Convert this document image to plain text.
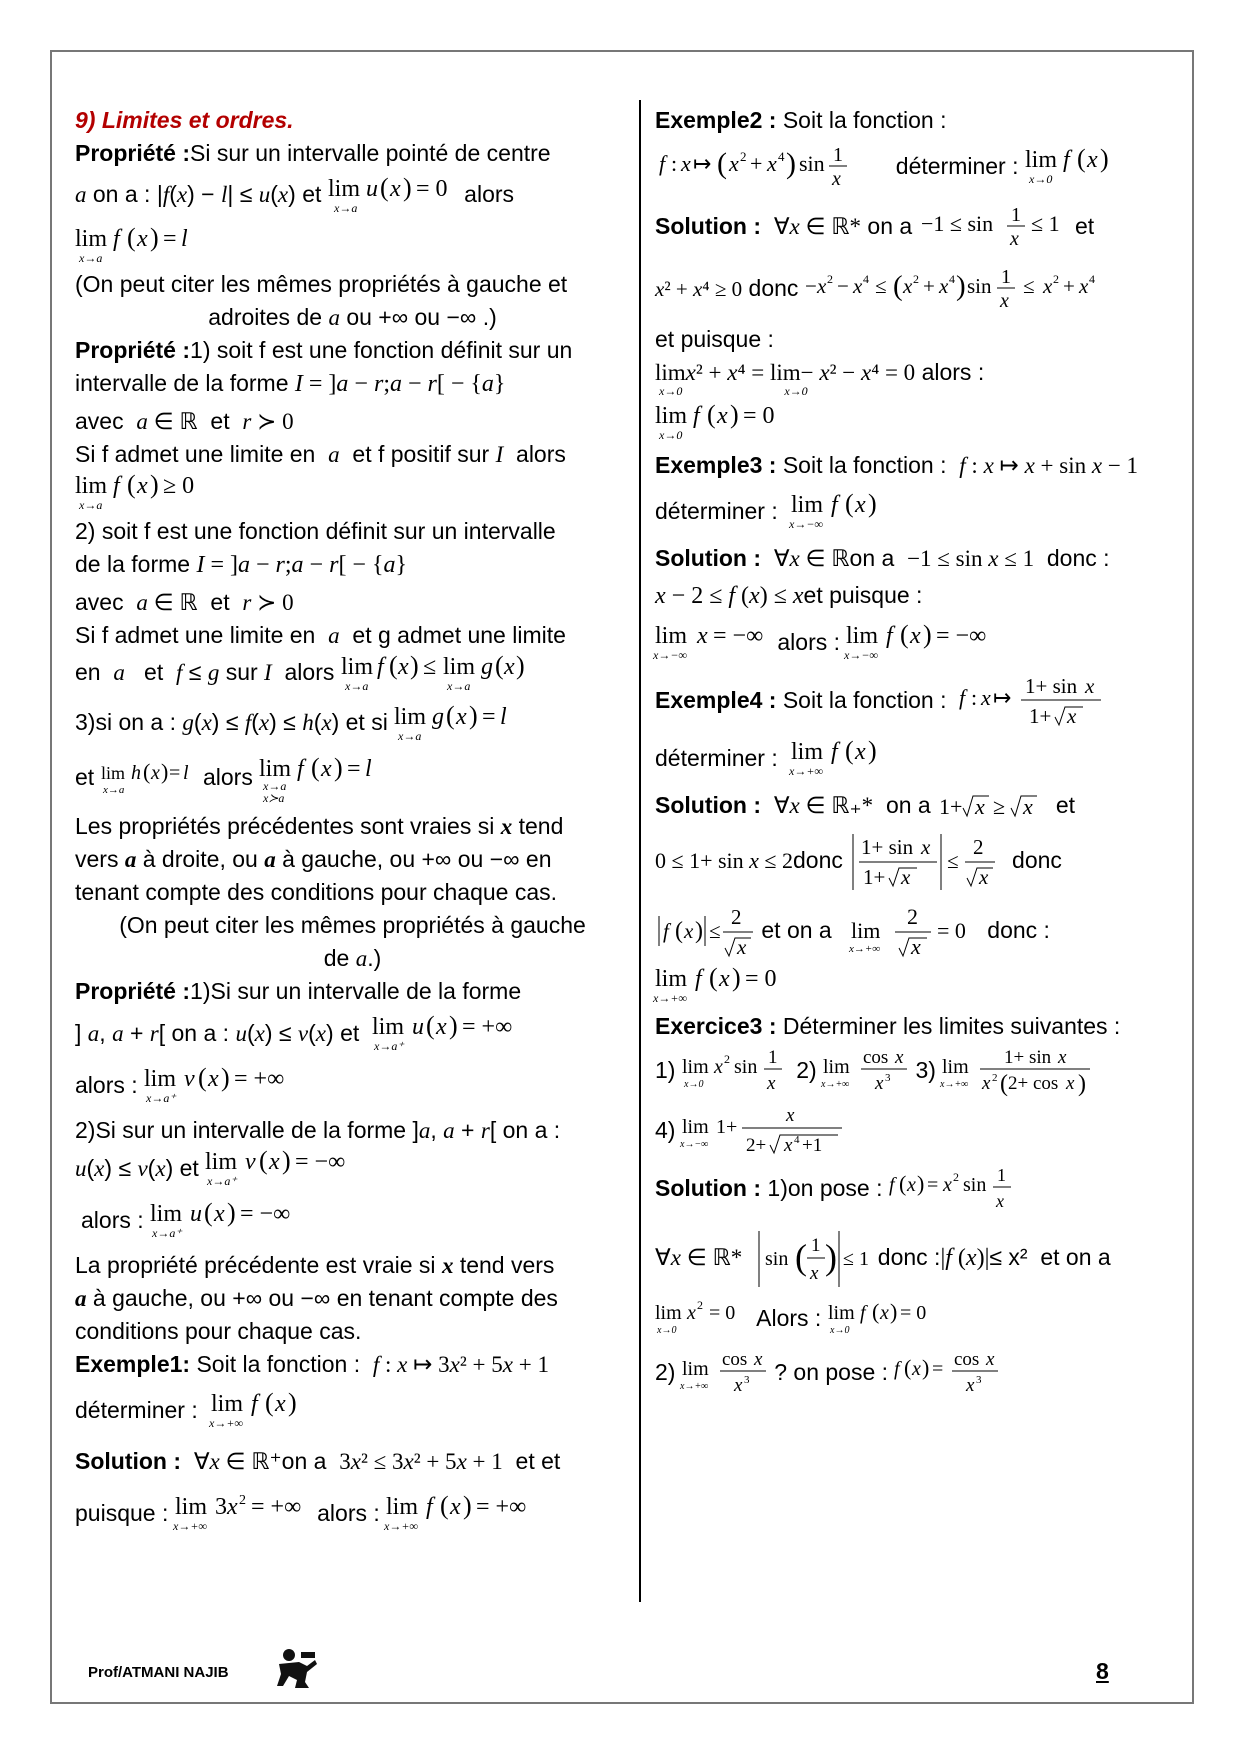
9) Limites et ordres.
Propriété :Si sur un intervalle pointé de centre
a on a : |f(x) − l| ≤ u(x) et lim
x→a
u ( x ) = 0 alors
lim
x→a
f ( x ) = l
(On peut citer les mêmes propriétés à gauche et
adroites de a ou +∞ ou −∞ .)
Propriété :1) soit f est une fonction définit sur un
intervalle de la forme I = ]a − r;a − r[ − {a}
avec a ∈ ℝ et r ≻ 0
Si f admet une limite en a et f positif sur I alors
lim
x→a
f ( x ) ≥ 0
2) soit f est une fonction définit sur un intervalle
de la forme I = ]a − r;a − r[ − {a}
avec a ∈ ℝ et r ≻ 0
Si f admet une limite en a et g admet une limite
en a et f ≤ g sur I alors lim
x→a
f ( x ) ≤ lim
x→a
g ( x )
3)si on a : g(x) ≤ f(x) ≤ h(x) et si lim
x→a
g ( x ) = l
et lim
x→a
h ( x ) = l alors lim
x→a
x≻a
f ( x ) = l
Les propriétés précédentes sont vraies si x tend
vers a à droite, ou a à gauche, ou +∞ ou −∞ en
tenant compte des conditions pour chaque cas.
(On peut citer les mêmes propriétés à gauche
de a.)
Propriété :1)Si sur un intervalle de la forme
] a, a + r[ on a : u(x) ≤ v(x) et lim
x→a⁺
u ( x ) = +∞
alors : lim
x→a⁺
v ( x ) = +∞
2)Si sur un intervalle de la forme ]a, a + r[ on a :
u(x) ≤ v(x) et lim
x→a⁺
v ( x ) = −∞
alors : lim
x→a⁺
u ( x ) = −∞
La propriété précédente est vraie si x tend vers
a à gauche, ou +∞ ou −∞ en tenant compte des
conditions pour chaque cas.
Exemple1: Soit la fonction : f : x ↦ 3x² + 5x + 1
déterminer : lim
x→+∞
f ( x )
Solution : ∀x ∈ ℝ⁺on a 3x² ≤ 3x² + 5x + 1 et et
puisque : lim
x→+∞
3 x 2 = +∞ alors : lim
x→+∞
f ( x ) = +∞
Exemple2 : Soit la fonction :
f : x ↦ ( x 2 + x 4 ) sin 1
x déterminer : lim
x→0
f ( x )
Solution : ∀x ∈ ℝ* on a −1 ≤ sin 1
x
≤ 1 et
x² + x⁴ ≥ 0 donc − x 2 − x 4 ≤ ( x 2 + x 4 ) sin 1
x
≤ x 2 + x 4
et puisque :
limx² + x⁴ = lim− x² − x⁴ = 0 alors :
x→0	x→0
lim
x→0
f ( x ) = 0
Exemple3 : Soit la fonction : f : x ↦ x + sin x − 1
déterminer : lim
x→−∞
f ( x )
Solution : ∀x ∈ ℝon a −1 ≤ sin x ≤ 1 donc :
x − 2 ≤ f (x) ≤ xet puisque :
lim
x→−∞
x = −∞ alors : lim
x→−∞
f ( x ) = −∞
Exemple4 : Soit la fonction : f : x ↦ 1+ sin x
1+ x
déterminer : lim
x→+∞
f ( x )
Solution : ∀x ∈ ℝ₊* on a 1+ x ≥ x et
0 ≤ 1+ sin x ≤ 2donc
1+ sin x
1+ x
≤
2
x
donc
f ( x ) ≤
2
x
et on a lim
x→+∞
2
x
= 0 donc :
lim
x→+∞
f ( x ) = 0
Exercice3 : Déterminer les limites suivantes :
1) lim
x→0
x 2 sin 1
x
2) lim
x→+∞
cos x
x 3 3) lim
x→+∞
1+ sin x
x 2 ( 2+ cos x )
4) lim
x→−∞
1+
x
2+ x 4 +1
Solution : 1)on pose : f ( x ) = x 2 sin 1
x
∀x ∈ ℝ* sin ( 1
x ) ≤ 1 donc :|f (x)|≤ x²  et on a
lim
x→0
x 2 = 0 Alors : lim
x→0
f ( x ) = 0
2) lim
x→+∞
cos x
x 3 ? on pose : f ( x ) = cos x
x 3
Prof/ATMANI NAJIB	8
